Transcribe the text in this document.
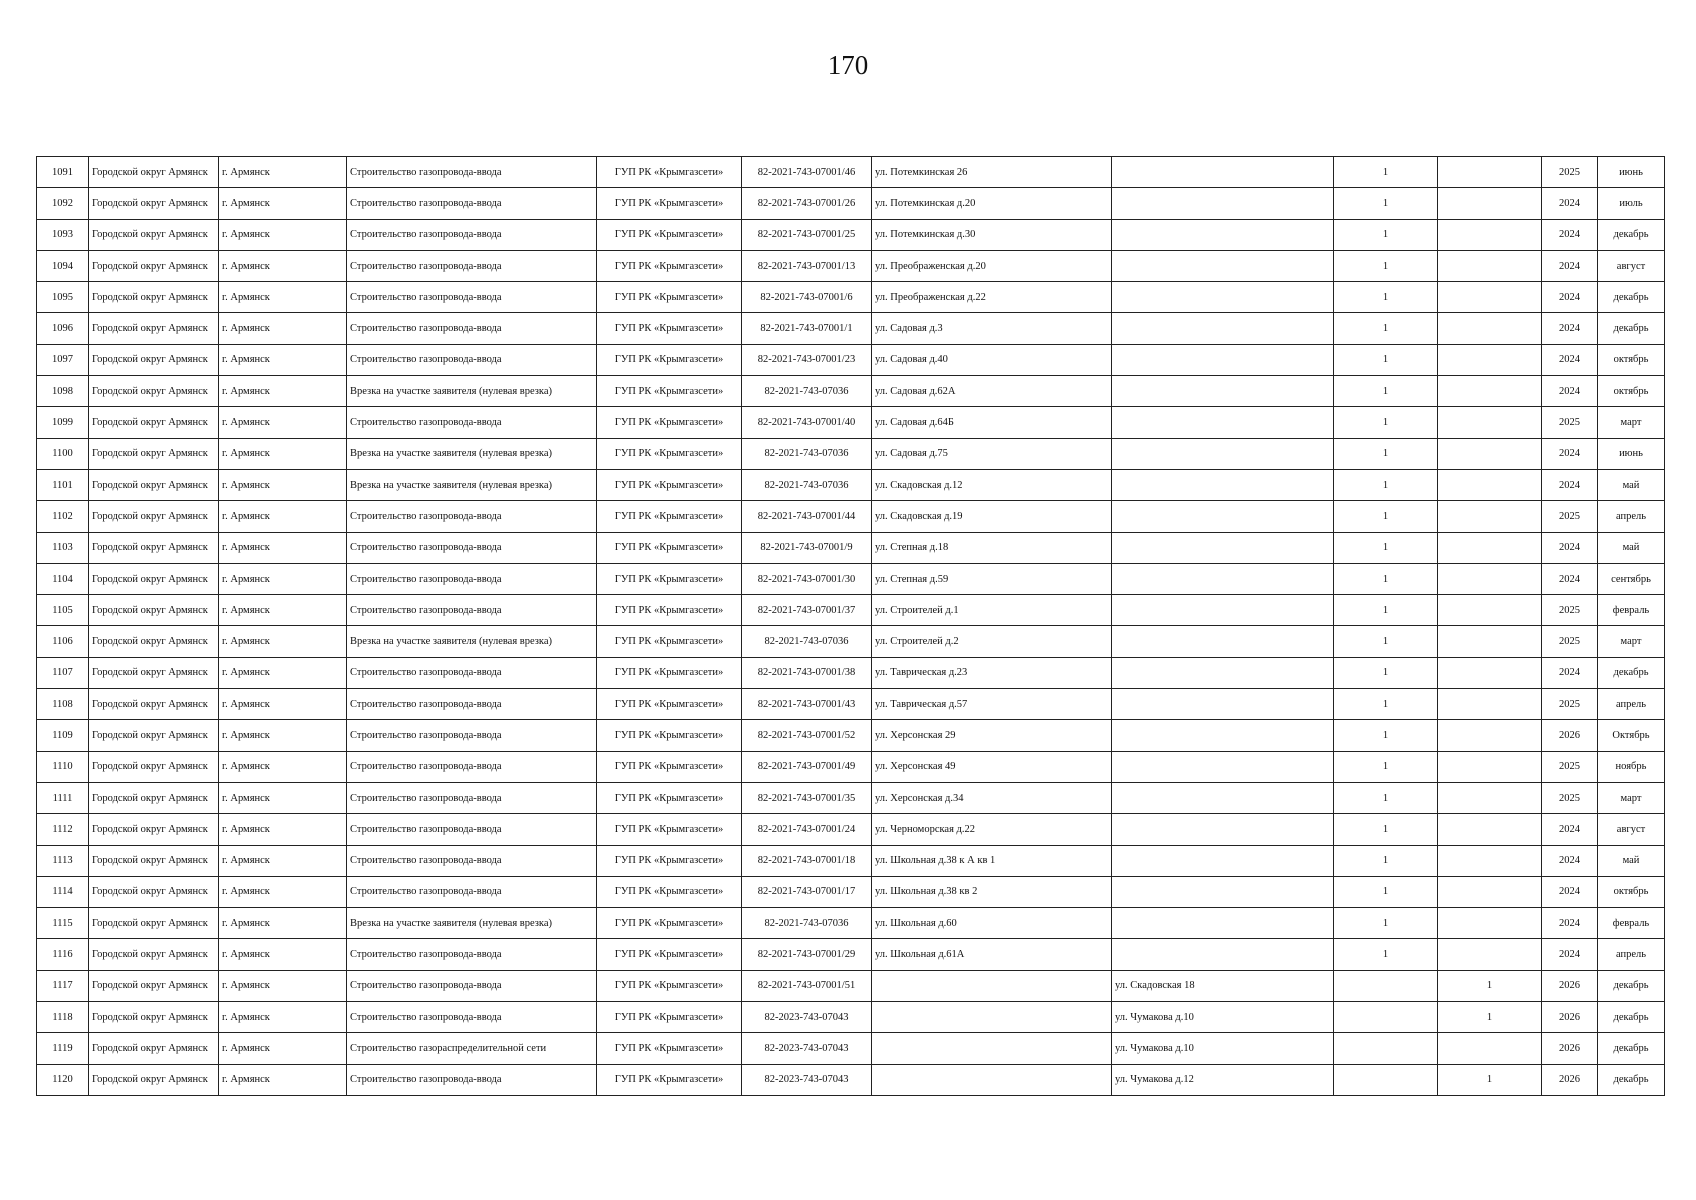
170
1091	Городской округ Армянск	г. Армянск	Строительство газопровода-ввода	ГУП РК «Крымгазсети»	82-2021-743-07001/46	ул. Потемкинская 26		1		2025	июнь
1092	Городской округ Армянск	г. Армянск	Строительство газопровода-ввода	ГУП РК «Крымгазсети»	82-2021-743-07001/26	ул. Потемкинская д.20		1		2024	июль
1093	Городской округ Армянск	г. Армянск	Строительство газопровода-ввода	ГУП РК «Крымгазсети»	82-2021-743-07001/25	ул. Потемкинская д.30		1		2024	декабрь
1094	Городской округ Армянск	г. Армянск	Строительство газопровода-ввода	ГУП РК «Крымгазсети»	82-2021-743-07001/13	ул. Преображенская д.20		1		2024	август
1095	Городской округ Армянск	г. Армянск	Строительство газопровода-ввода	ГУП РК «Крымгазсети»	82-2021-743-07001/6	ул. Преображенская д.22		1		2024	декабрь
1096	Городской округ Армянск	г. Армянск	Строительство газопровода-ввода	ГУП РК «Крымгазсети»	82-2021-743-07001/1	ул. Садовая д.3		1		2024	декабрь
1097	Городской округ Армянск	г. Армянск	Строительство газопровода-ввода	ГУП РК «Крымгазсети»	82-2021-743-07001/23	ул. Садовая д.40		1		2024	октябрь
1098	Городской округ Армянск	г. Армянск	Врезка на участке заявителя (нулевая врезка)	ГУП РК «Крымгазсети»	82-2021-743-07036	ул. Садовая д.62А		1		2024	октябрь
1099	Городской округ Армянск	г. Армянск	Строительство газопровода-ввода	ГУП РК «Крымгазсети»	82-2021-743-07001/40	ул. Садовая д.64Б		1		2025	март
1100	Городской округ Армянск	г. Армянск	Врезка на участке заявителя (нулевая врезка)	ГУП РК «Крымгазсети»	82-2021-743-07036	ул. Садовая д.75		1		2024	июнь
1101	Городской округ Армянск	г. Армянск	Врезка на участке заявителя (нулевая врезка)	ГУП РК «Крымгазсети»	82-2021-743-07036	ул. Скадовская д.12		1		2024	май
1102	Городской округ Армянск	г. Армянск	Строительство газопровода-ввода	ГУП РК «Крымгазсети»	82-2021-743-07001/44	ул. Скадовская д.19		1		2025	апрель
1103	Городской округ Армянск	г. Армянск	Строительство газопровода-ввода	ГУП РК «Крымгазсети»	82-2021-743-07001/9	ул. Степная д.18		1		2024	май
1104	Городской округ Армянск	г. Армянск	Строительство газопровода-ввода	ГУП РК «Крымгазсети»	82-2021-743-07001/30	ул. Степная д.59		1		2024	сентябрь
1105	Городской округ Армянск	г. Армянск	Строительство газопровода-ввода	ГУП РК «Крымгазсети»	82-2021-743-07001/37	ул. Строителей д.1		1		2025	февраль
1106	Городской округ Армянск	г. Армянск	Врезка на участке заявителя (нулевая врезка)	ГУП РК «Крымгазсети»	82-2021-743-07036	ул. Строителей д.2		1		2025	март
1107	Городской округ Армянск	г. Армянск	Строительство газопровода-ввода	ГУП РК «Крымгазсети»	82-2021-743-07001/38	ул. Таврическая д.23		1		2024	декабрь
1108	Городской округ Армянск	г. Армянск	Строительство газопровода-ввода	ГУП РК «Крымгазсети»	82-2021-743-07001/43	ул. Таврическая д.57		1		2025	апрель
1109	Городской округ Армянск	г. Армянск	Строительство газопровода-ввода	ГУП РК «Крымгазсети»	82-2021-743-07001/52	ул. Херсонская 29		1		2026	Октябрь
1110	Городской округ Армянск	г. Армянск	Строительство газопровода-ввода	ГУП РК «Крымгазсети»	82-2021-743-07001/49	ул. Херсонская 49		1		2025	ноябрь
1111	Городской округ Армянск	г. Армянск	Строительство газопровода-ввода	ГУП РК «Крымгазсети»	82-2021-743-07001/35	ул. Херсонская д.34		1		2025	март
1112	Городской округ Армянск	г. Армянск	Строительство газопровода-ввода	ГУП РК «Крымгазсети»	82-2021-743-07001/24	ул. Черноморская д.22		1		2024	август
1113	Городской округ Армянск	г. Армянск	Строительство газопровода-ввода	ГУП РК «Крымгазсети»	82-2021-743-07001/18	ул. Школьная д.38 к А кв 1		1		2024	май
1114	Городской округ Армянск	г. Армянск	Строительство газопровода-ввода	ГУП РК «Крымгазсети»	82-2021-743-07001/17	ул. Школьная д.38 кв 2		1		2024	октябрь
1115	Городской округ Армянск	г. Армянск	Врезка на участке заявителя (нулевая врезка)	ГУП РК «Крымгазсети»	82-2021-743-07036	ул. Школьная д.60		1		2024	февраль
1116	Городской округ Армянск	г. Армянск	Строительство газопровода-ввода	ГУП РК «Крымгазсети»	82-2021-743-07001/29	ул. Школьная д.61А		1		2024	апрель
1117	Городской округ Армянск	г. Армянск	Строительство газопровода-ввода	ГУП РК «Крымгазсети»	82-2021-743-07001/51		ул. Скадовская 18		1	2026	декабрь
1118	Городской округ Армянск	г. Армянск	Строительство газопровода-ввода	ГУП РК «Крымгазсети»	82-2023-743-07043		ул. Чумакова д.10		1	2026	декабрь
1119	Городской округ Армянск	г. Армянск	Строительство газораспределительной сети	ГУП РК «Крымгазсети»	82-2023-743-07043		ул. Чумакова д.10			2026	декабрь
1120	Городской округ Армянск	г. Армянск	Строительство газопровода-ввода	ГУП РК «Крымгазсети»	82-2023-743-07043		ул. Чумакова д.12		1	2026	декабрь
